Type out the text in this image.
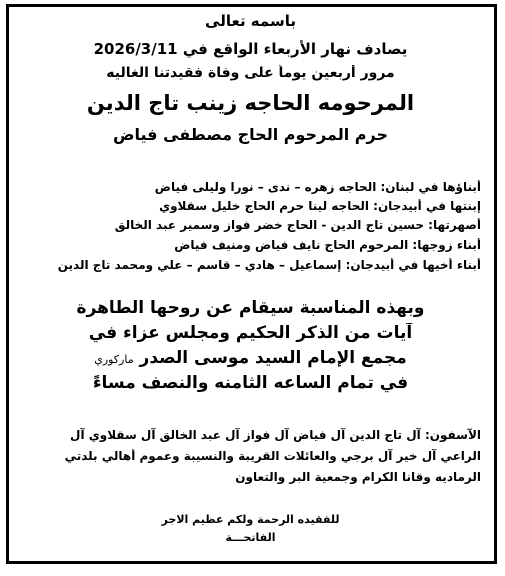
باسمه تعالى
يصادف نهار الأربعاء الواقع في 2026/3/11
مرور أربعين يوماً على وفاة فقيدتنا الغاليه
المرحومه الحاجه زينب تاج الدين
حرم المرحوم الحاج مصطفى فياض
أبناؤها في لبنان: الحاجه زهره – ندى – نورا وليلى فياض
إبنتها في أبيدجان: الحاجه لينا حرم الحاج خليل سقلاوي
أصهرتها: حسين تاج الدين - الحاج خضر فواز وسمير عبد الخالق
أبناء زوجها: المرحوم الحاج نايف فياض ومنيف فياض
أبناء أخيها في أبيدجان: إسماعيل – هادي – قاسم – علي ومحمد تاج الدين
وبهذه المناسبة سيقام عن روحها الطاهرة
آيات من الذكر الحكيم ومجلس عزاء في
مجمع الإمام السيد موسى الصدر ماركوري
في تمام الساعه الثامنه والنصف مساءً
الآسفون: آل تاج الدين آل فياض آل فواز آل عبد الخالق آل سقلاوي آل
الراعي آل خير آل برجي والعائلات القريبة والنسيبة وعموم أهالي بلدتي
الرماديه وقانا الكرام وجمعية البر والتعاون
للفقيده الرحمة ولكم عظيم الاجر
الفاتحـــة
